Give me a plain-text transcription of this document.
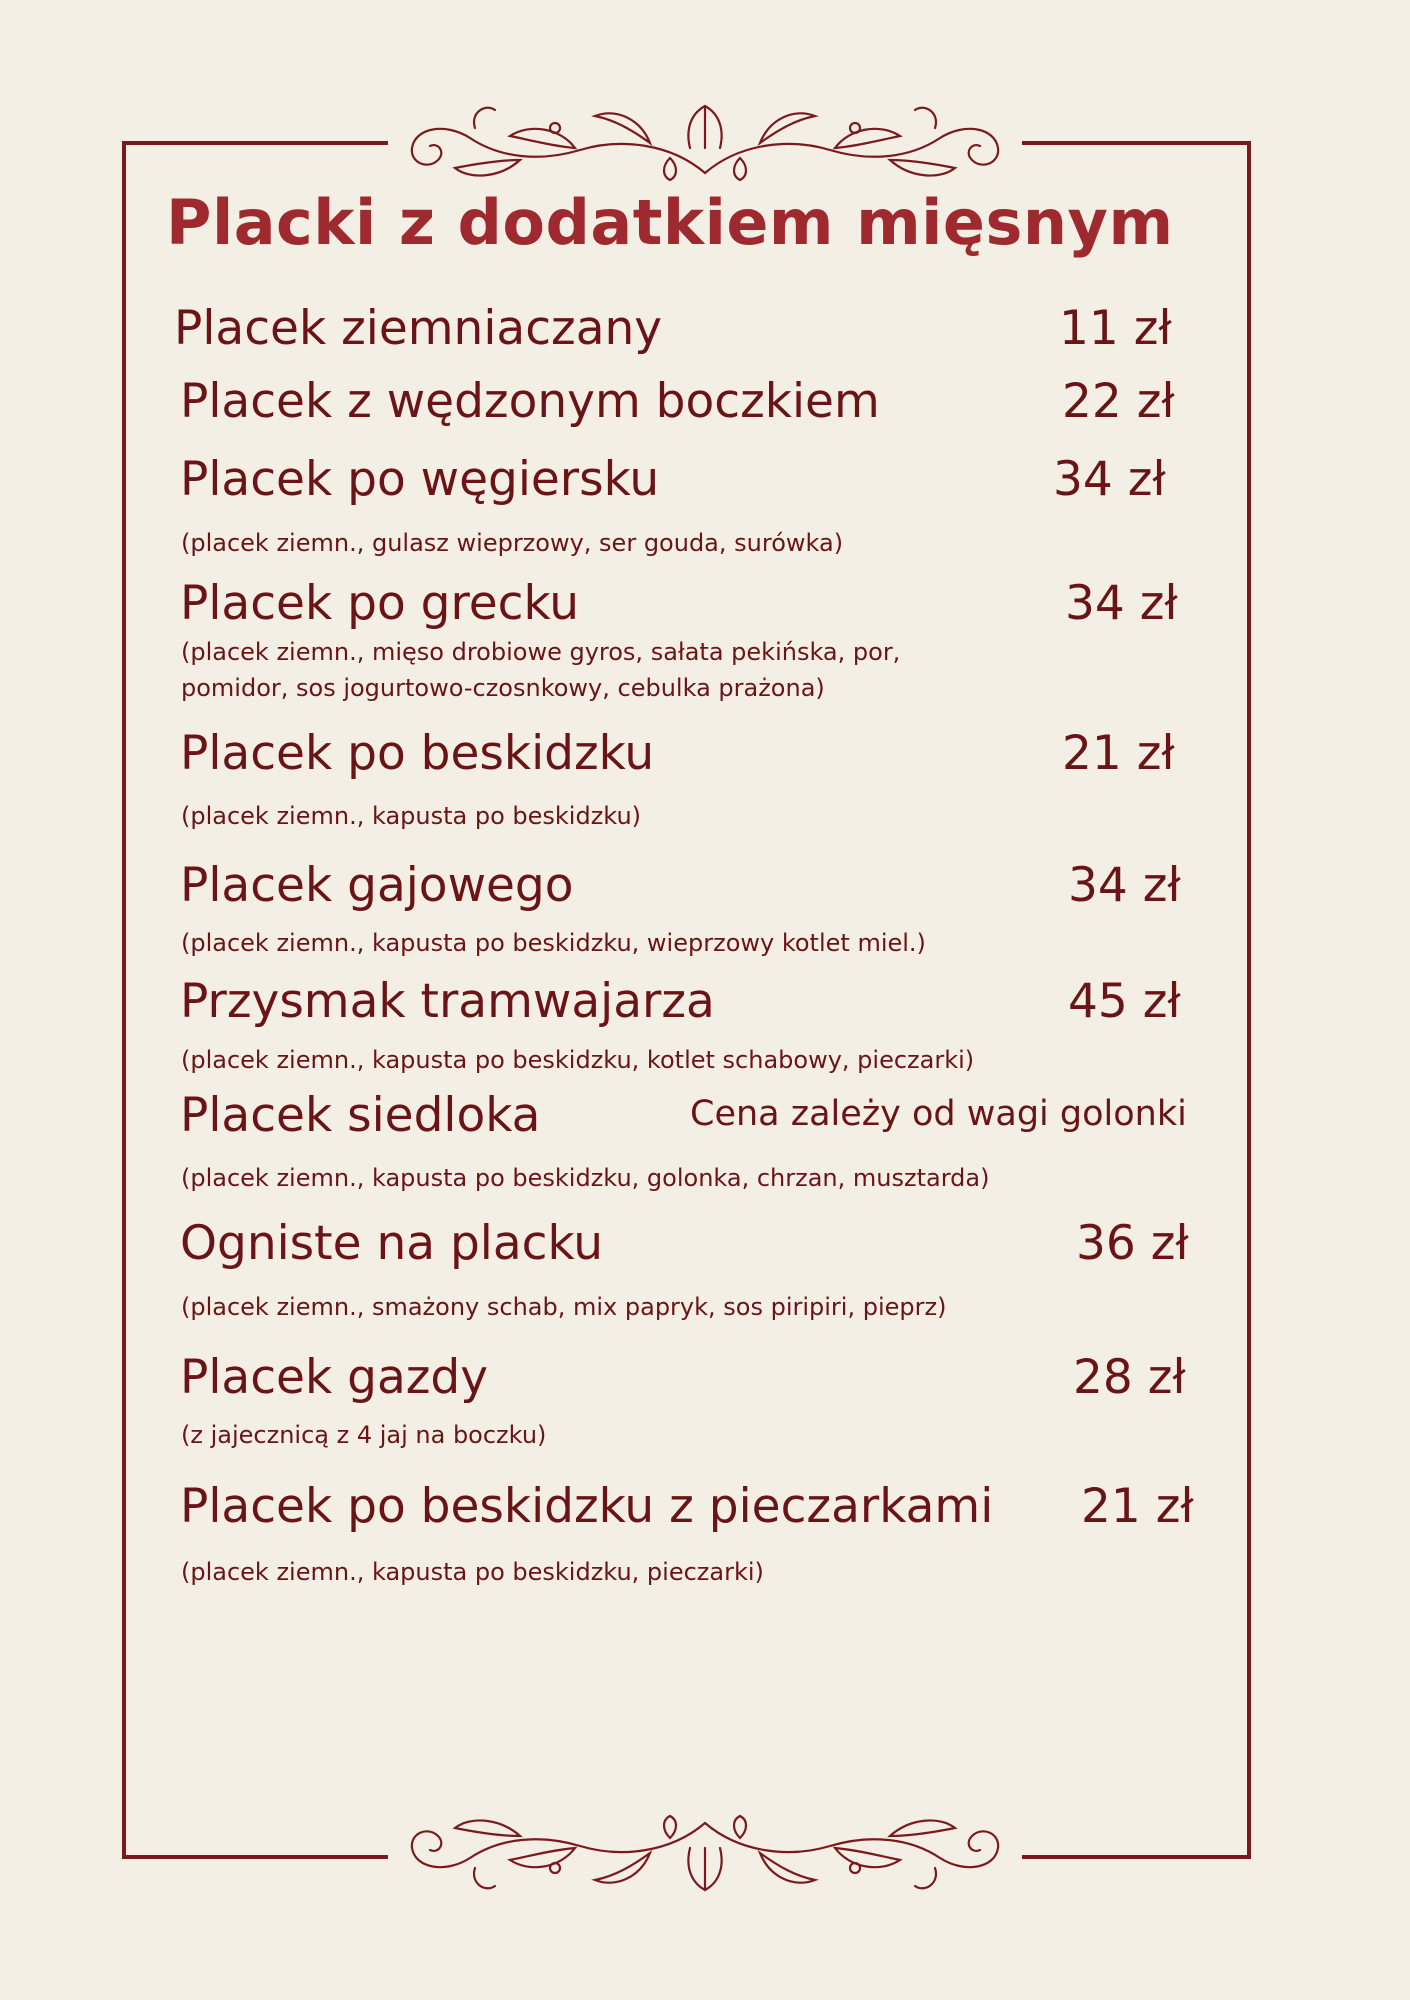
Placki z dodatkiem mięsnym
Placek ziemniaczany	11 zł
Placek z wędzonym boczkiem	22 zł
Placek po węgiersku	34 zł
(placek ziemn., gulasz wieprzowy, ser gouda, surówka)
Placek po grecku	34 zł
(placek ziemn., mięso drobiowe gyros, sałata pekińska, por,
pomidor, sos jogurtowo-czosnkowy, cebulka prażona)
Placek po beskidzku	21 zł
(placek ziemn., kapusta po beskidzku)
Placek gajowego	34 zł
(placek ziemn., kapusta po beskidzku, wieprzowy kotlet miel.)
Przysmak tramwajarza	45 zł
(placek ziemn., kapusta po beskidzku, kotlet schabowy, pieczarki)
Placek siedloka	Cena zależy od wagi golonki
(placek ziemn., kapusta po beskidzku, golonka, chrzan, musztarda)
Ogniste na placku	36 zł
(placek ziemn., smażony schab, mix papryk, sos piripiri, pieprz)
Placek gazdy	28 zł
(z jajecznicą z 4 jaj na boczku)
Placek po beskidzku z pieczarkami 21 zł
(placek ziemn., kapusta po beskidzku, pieczarki)
